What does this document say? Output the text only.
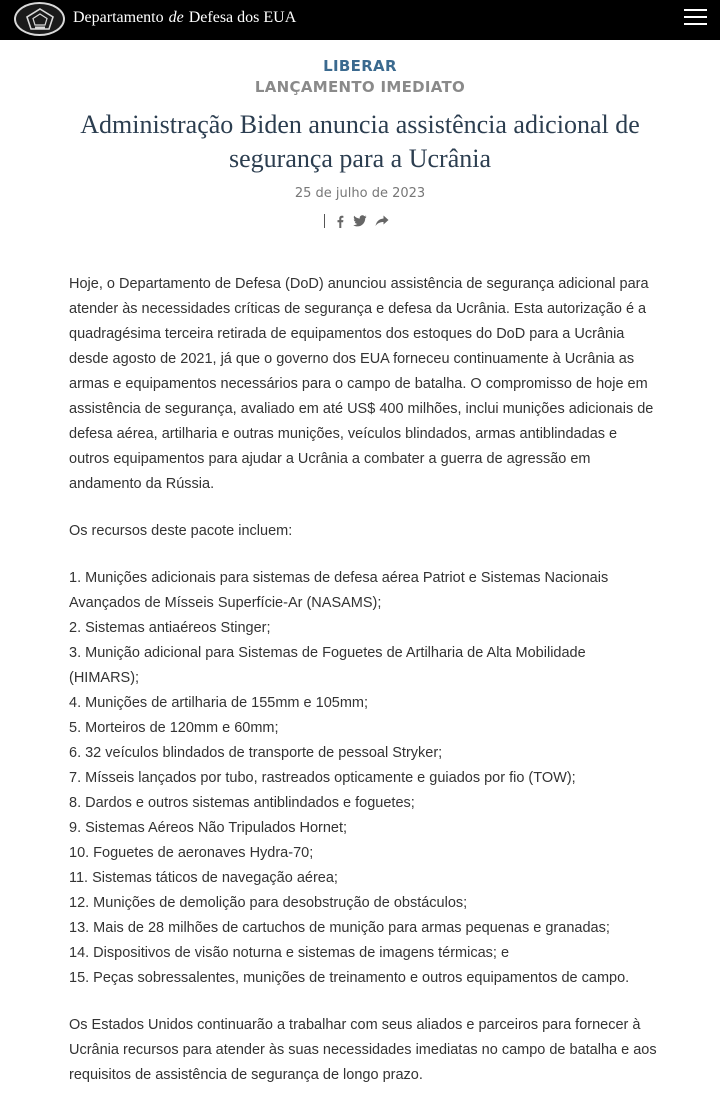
Departamento de Defesa dos EUA
LIBERAR
LANÇAMENTO IMEDIATO
Administração Biden anuncia assistência adicional de segurança para a Ucrânia
25 de julho de 2023

Hoje, o Departamento de Defesa (DoD) anunciou assistência de segurança adicional para atender às necessidades críticas de segurança e defesa da Ucrânia. Esta autorização é a quadragésima terceira retirada de equipamentos dos estoques do DoD para a Ucrânia desde agosto de 2021, já que o governo dos EUA forneceu continuamente à Ucrânia as armas e equipamentos necessários para o campo de batalha. O compromisso de hoje em assistência de segurança, avaliado em até US$ 400 milhões, inclui munições adicionais de defesa aérea, artilharia e outras munições, veículos blindados, armas antiblindadas e outros equipamentos para ajudar a Ucrânia a combater a guerra de agressão em andamento da Rússia.

Os recursos deste pacote incluem:

1. Munições adicionais para sistemas de defesa aérea Patriot e Sistemas Nacionais Avançados de Mísseis Superfície-Ar (NASAMS);
2. Sistemas antiaéreos Stinger;
3. Munição adicional para Sistemas de Foguetes de Artilharia de Alta Mobilidade (HIMARS);
4. Munições de artilharia de 155mm e 105mm;
5. Morteiros de 120mm e 60mm;
6. 32 veículos blindados de transporte de pessoal Stryker;
7. Mísseis lançados por tubo, rastreados opticamente e guiados por fio (TOW);
8. Dardos e outros sistemas antiblindados e foguetes;
9. Sistemas Aéreos Não Tripulados Hornet;
10. Foguetes de aeronaves Hydra-70;
11. Sistemas táticos de navegação aérea;
12. Munições de demolição para desobstrução de obstáculos;
13. Mais de 28 milhões de cartuchos de munição para armas pequenas e granadas;
14. Dispositivos de visão noturna e sistemas de imagens térmicas; e
15. Peças sobressalentes, munições de treinamento e outros equipamentos de campo.

Os Estados Unidos continuarão a trabalhar com seus aliados e parceiros para fornecer à Ucrânia recursos para atender às suas necessidades imediatas no campo de batalha e aos requisitos de assistência de segurança de longo prazo.
